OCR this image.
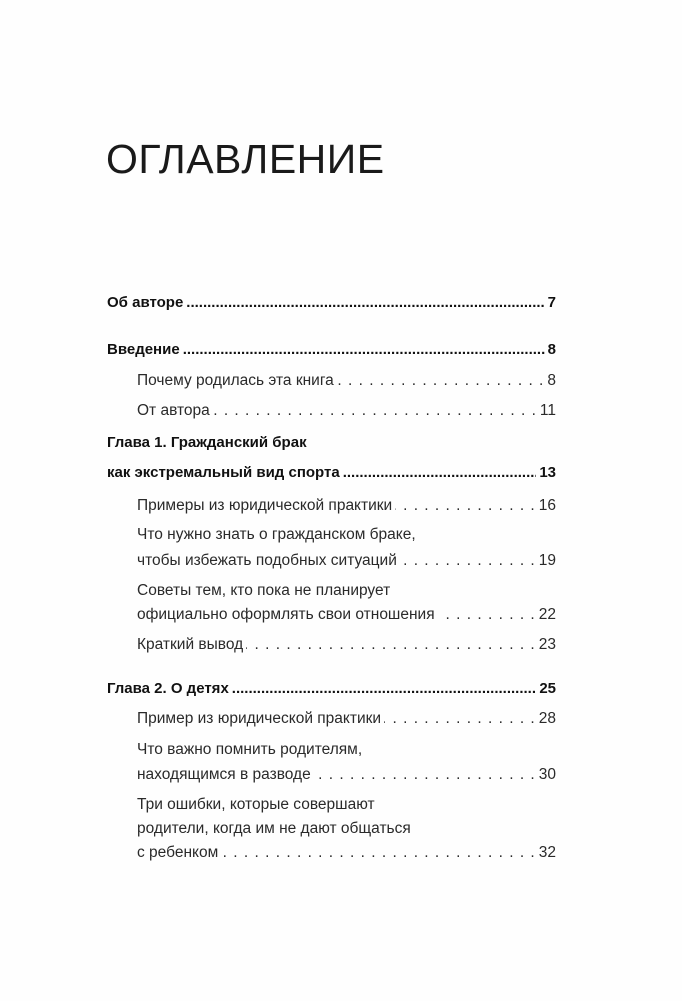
ОГЛАВЛЕНИЕ
Об авторе .....	7
Введение .....	8
Почему родилась эта книга . . .	8
От автора . . .	11
Глава 1. Гражданский брак
как экстремальный вид спорта .....	13
Примеры из юридической практики . . .	16
Что нужно знать о гражданском браке,
чтобы избежать подобных ситуаций . . .	19
Советы тем, кто пока не планирует
официально оформлять свои отношения . . .	22
Краткий вывод . . .	23
Глава 2. О детях .....	25
Пример из юридической практики . . .	28
Что важно помнить родителям,
находящимся в разводе . . .	30
Три ошибки, которые совершают
родители, когда им не дают общаться
с ребенком . . .	32
